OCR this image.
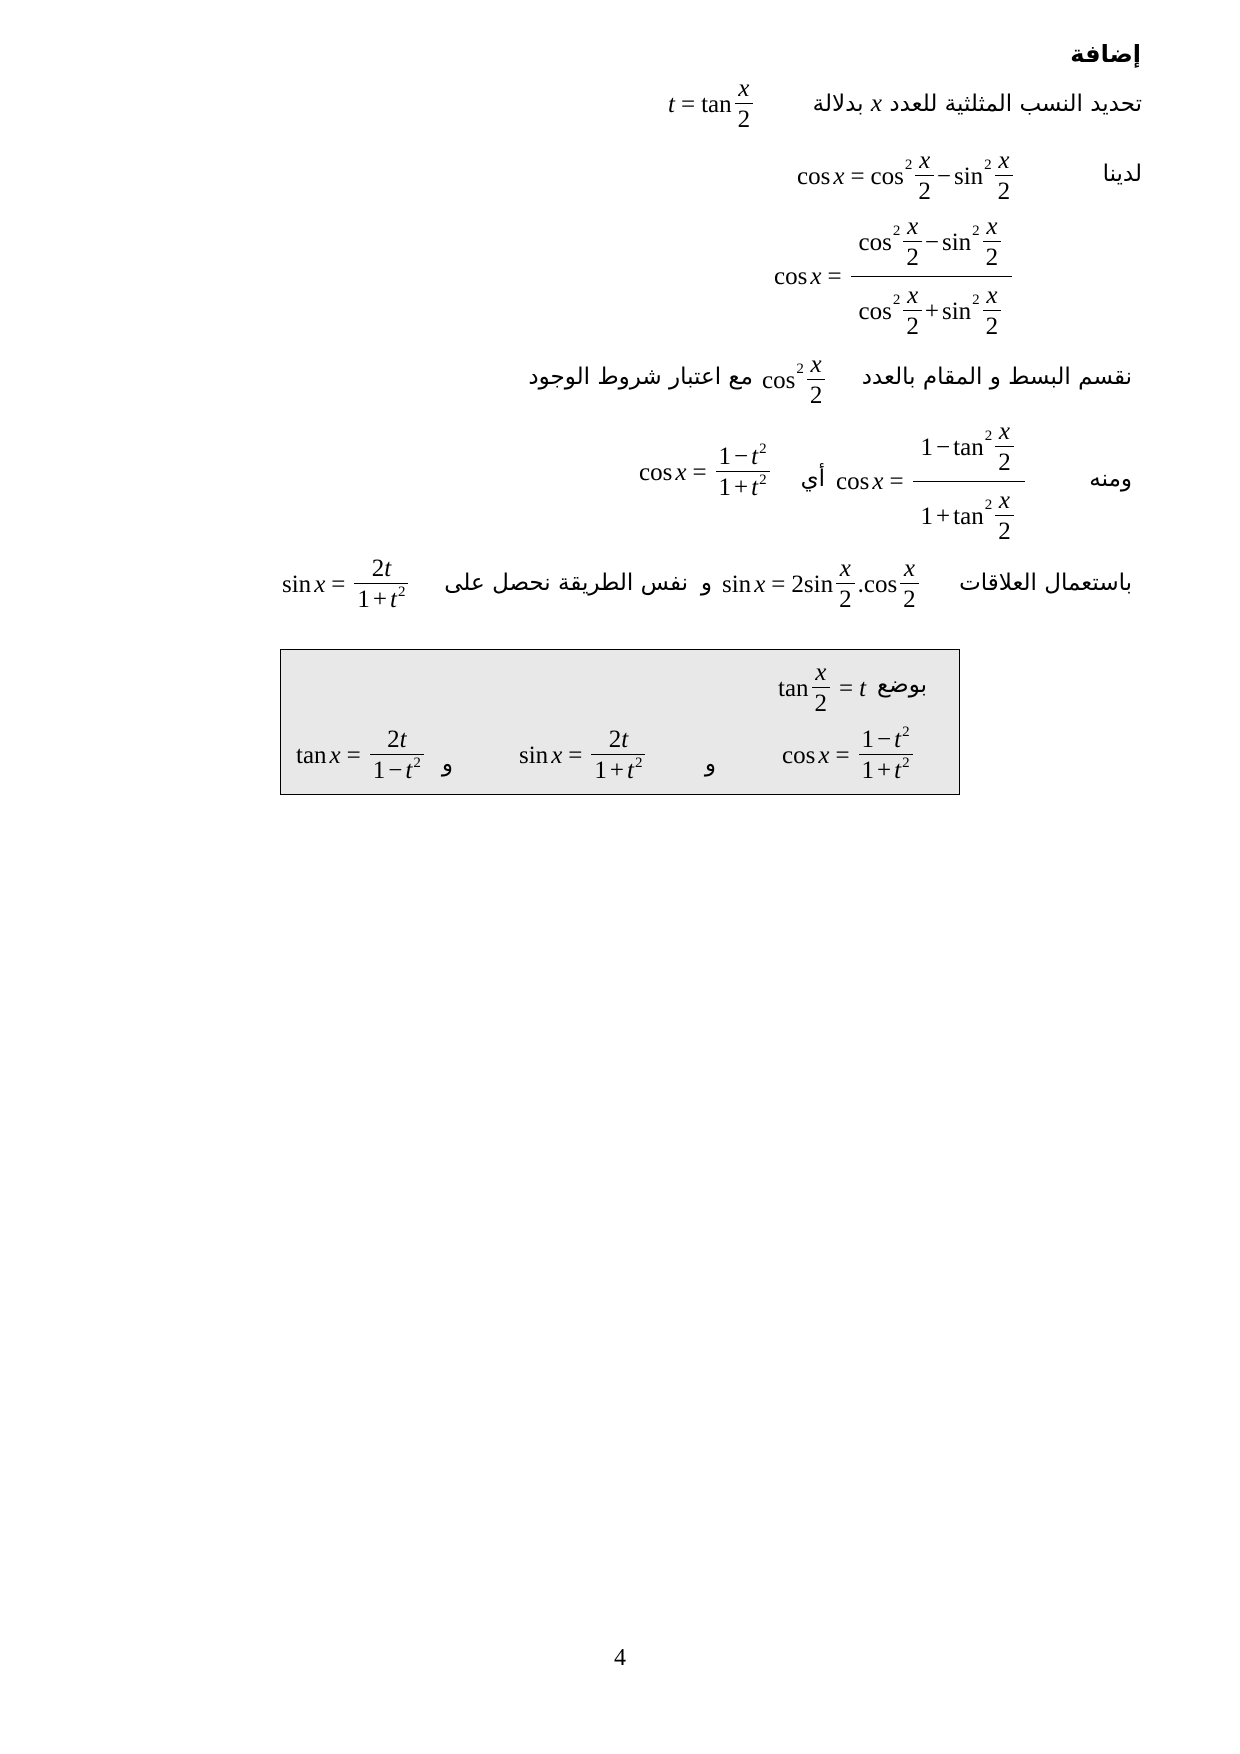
إضافة
تحديد النسب المثلثية للعدد x بدلالة
$t = \tan \frac{x}{2}$
لدينا
$\cos x = \cos 2 \frac{x}{2} - \sin 2 \frac{x}{2}$
$\cos x = \frac{\cos 2 \frac{x}{2} - \sin 2 \frac{x}{2}}{\cos 2 \frac{x}{2} + \sin 2 \frac{x}{2}}$
نقسم البسط و المقام بالعدد
$\cos 2 \frac{x}{2}$
مع اعتبار شروط الوجود
ومنه
$\cos x = \frac{1 - \tan 2 \frac{x}{2}}{1 + \tan 2 \frac{x}{2}}$
أي
$\cos x = \frac{1 - t^2}{1 + t^2}$
باستعمال العلاقات
$\sin x = 2\sin \frac{x}{2} .\cos \frac{x}{2}$
و
نفس الطريقة نحصل على
$\sin x = \frac{2t}{1 + t^2}$
بوضع
$\tan \frac{x}{2} = t$
$\cos x = \frac{1 - t^2}{1 + t^2}$
و
$\sin x = \frac{2t}{1 + t^2}$
و
$\tan x = \frac{2t}{1 - t^2}$
4
